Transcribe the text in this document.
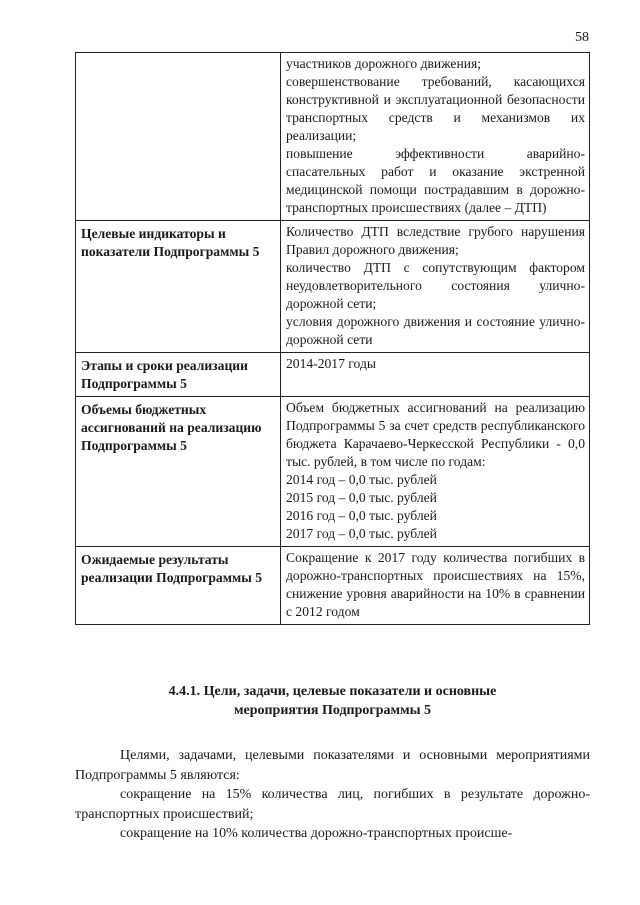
58

	участников дорожного движения;
совершенствование требований, касающихся конструктивной и эксплуатационной безопасности транспортных средств и механизмов их реализации;
повышение эффективности аварийно-спасательных работ и оказание экстренной медицинской помощи пострадавшим в дорожно-транспортных происшествиях (далее – ДТП)

Целевые индикаторы и показатели Подпрограммы 5	Количество ДТП вследствие грубого нарушения Правил дорожного движения;
количество ДТП с сопутствующим фактором неудовлетворительного состояния улично-дорожной сети;
условия дорожного движения и состояние улично-дорожной сети

Этапы и сроки реализации Подпрограммы 5	2014-2017 годы

Объемы бюджетных ассигнований на реализацию Подпрограммы 5	Объем бюджетных ассигнований на реализацию Подпрограммы 5 за счет средств республиканского бюджета Карачаево-Черкесской Республики - 0,0 тыс. рублей, в том числе по годам:
2014 год – 0,0 тыс. рублей
2015 год – 0,0 тыс. рублей
2016 год – 0,0 тыс. рублей
2017 год – 0,0 тыс. рублей

Ожидаемые результаты реализации Подпрограммы 5	Сокращение к 2017 году количества погибших в дорожно-транспортных происшествиях на 15%, снижение уровня аварийности на 10% в сравнении с 2012 годом
4.4.1. Цели, задачи, целевые показатели и основные
мероприятия Подпрограммы 5

Целями, задачами, целевыми показателями и основными мероприятиями Подпрограммы 5 являются:

сокращение на 15% количества лиц, погибших в результате дорожно-транспортных происшествий;

сокращение на 10% количества дорожно-транспортных происше-
